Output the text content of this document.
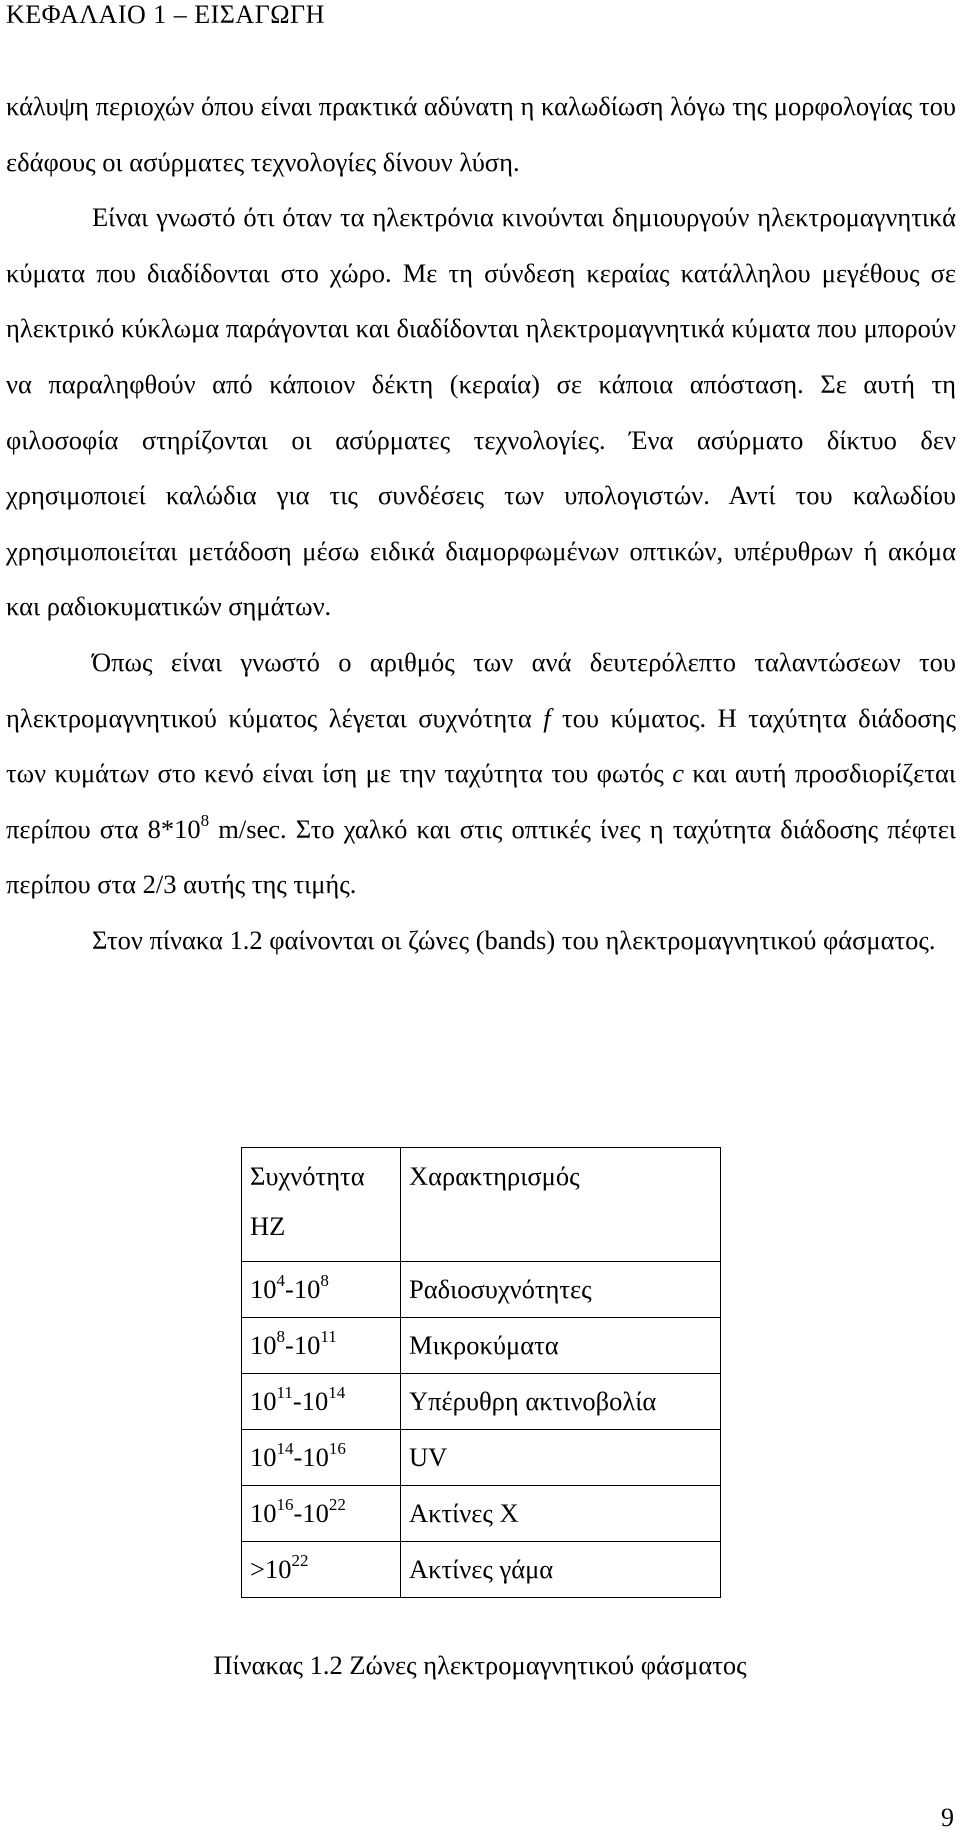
ΚΕΦΑΛΑΙΟ 1 – ΕΙΣΑΓΩΓΗ

κάλυψη περιοχών όπου είναι πρακτικά αδύνατη η καλωδίωση λόγω της μορφολογίας του εδάφους οι ασύρματες τεχνολογίες δίνουν λύση.

Είναι γνωστό ότι όταν τα ηλεκτρόνια κινούνται δημιουργούν ηλεκτρομαγνητικά κύματα που διαδίδονται στο χώρο. Με τη σύνδεση κεραίας κατάλληλου μεγέθους σε ηλεκτρικό κύκλωμα παράγονται και διαδίδονται ηλεκτρομαγνητικά κύματα που μπορούν να παραληφθούν από κάποιον δέκτη (κεραία) σε κάποια απόσταση. Σε αυτή τη φιλοσοφία στηρίζονται οι ασύρματες τεχνολογίες. Ένα ασύρματο δίκτυο δεν χρησιμοποιεί καλώδια για τις συνδέσεις των υπολογιστών. Αντί του καλωδίου χρησιμοποιείται μετάδοση μέσω ειδικά διαμορφωμένων οπτικών, υπέρυθρων ή ακόμα και ραδιοκυματικών σημάτων.

Όπως είναι γνωστό ο αριθμός των ανά δευτερόλεπτο ταλαντώσεων του ηλεκτρομαγνητικού κύματος λέγεται συχνότητα f του κύματος. Η ταχύτητα διάδοσης των κυμάτων στο κενό είναι ίση με την ταχύτητα του φωτός c και αυτή προσδιορίζεται περίπου στα $8*10^8$ m/sec. Στο χαλκό και στις οπτικές ίνες η ταχύτητα διάδοσης πέφτει περίπου στα 2/3 αυτής της τιμής.

Στον πίνακα 1.2 φαίνονται οι ζώνες (bands) του ηλεκτρομαγνητικού φάσματος.

Συχνότητα HZ	Χαρακτηρισμός
$10^4-10^8$	Ραδιοσυχνότητες
$10^8-10^{11}$	Μικροκύματα
$10^{11}-10^{14}$	Υπέρυθρη ακτινοβολία
$10^{14}-10^{16}$	UV
$10^{16}-10^{22}$	Ακτίνες Χ
$>10^{22}$	Ακτίνες γάμα
Πίνακας 1.2 Ζώνες ηλεκτρομαγνητικού φάσματος
9
